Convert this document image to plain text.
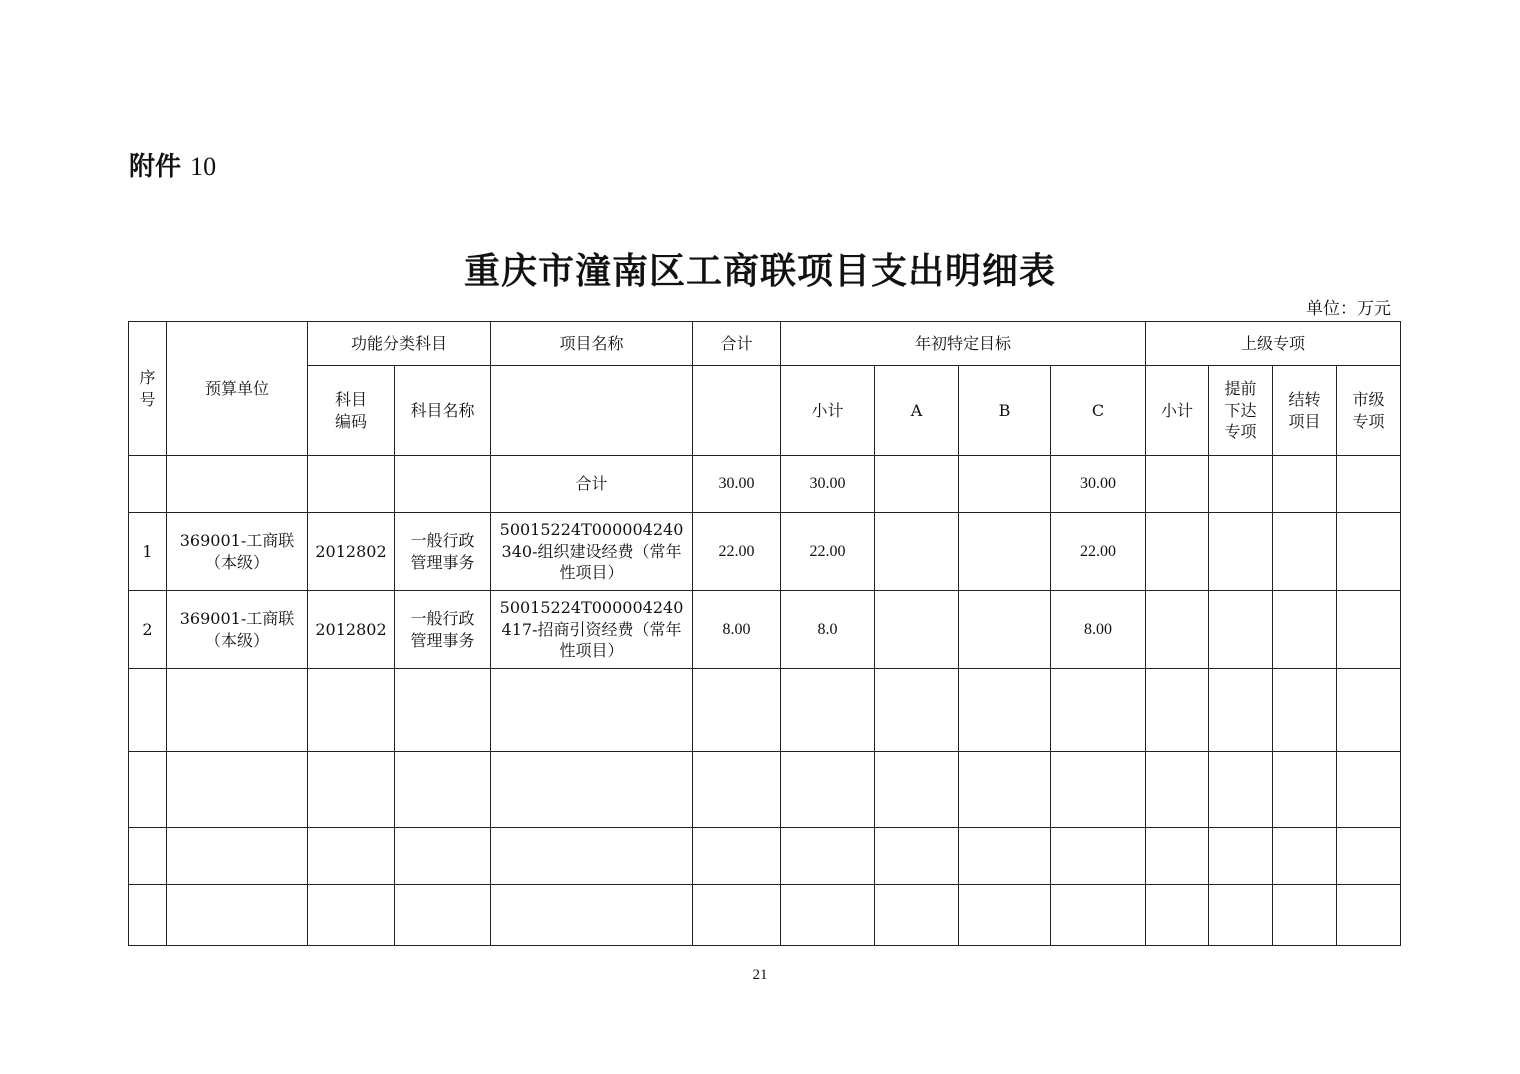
附件 10
重庆市潼南区工商联项目支出明细表
单位：万元
序号	预算单位	功能分类科目		项目名称	合计	年初特定目标				上级专项			

		科目编码	科目名称			小计	A	B	C	小计	提前下达专项	结转项目	市级专项

				合计	30.00	30.00			30.00				
1	369001-工商联（本级）	2012802	一般行政管理事务	50015224T000004240340-组织建设经费（常年性项目）	22.00	22.00			22.00				
2	369001-工商联（本级）	2012802	一般行政管理事务	50015224T000004240417-招商引资经费（常年性项目）	8.00	8.0			8.00				

21
